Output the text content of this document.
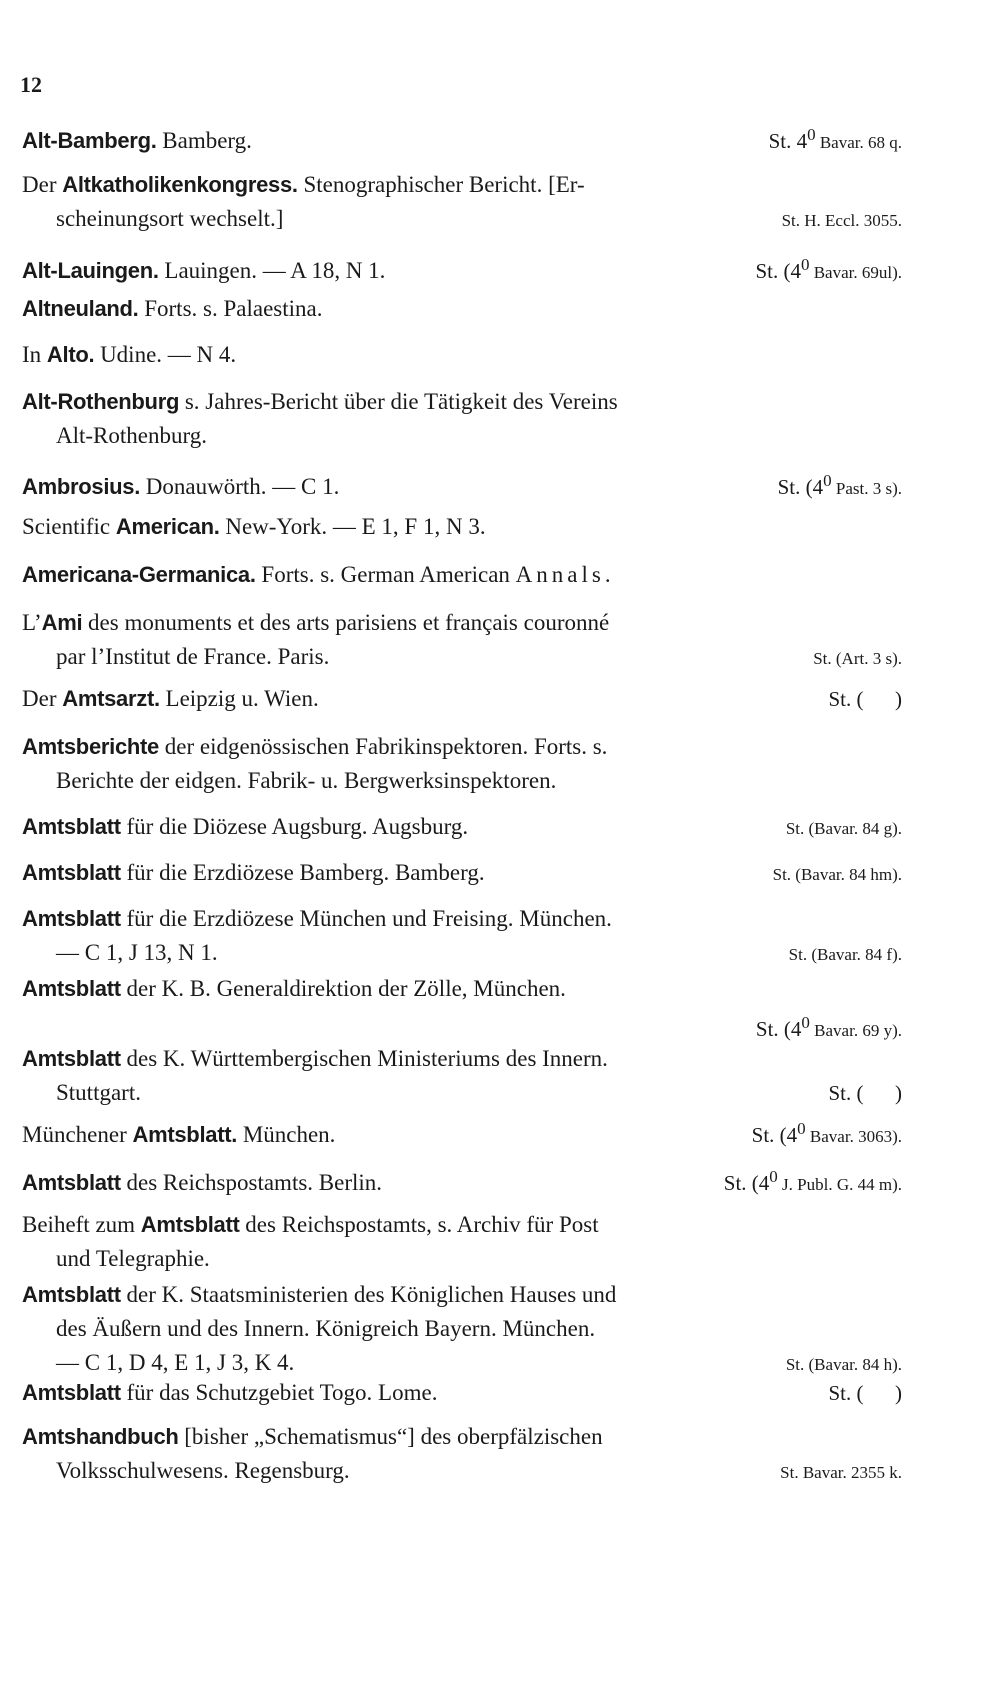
12
Alt-Bamberg. Bamberg.	St. $4^0$ Bavar. 68 q.
Der Altkatholikenkongress. Stenographischer Bericht. [Er-
scheinungsort wechselt.]	St. H. Eccl. 3055.
Alt-Lauingen. Lauingen. — A 18, N 1.	St. ($4^0$ Bavar. 69ul).
Altneuland. Forts. s. Palaestina.
In Alto. Udine. — N 4.
Alt-Rothenburg s. Jahres-Bericht über die Tätigkeit des Vereins
Alt-Rothenburg.
Ambrosius. Donauwörth. — C 1.	St. ($4^0$ Past. 3 s).
Scientific American. New-York. — E 1, F 1, N 3.
Americana-Germanica. Forts. s. German American Annals.
L’Ami des monuments et des arts parisiens et français couronné
par l’Institut de France. Paris.	St. (Art. 3 s).
Der Amtsarzt. Leipzig u. Wien.	St. (      )
Amtsberichte der eidgenössischen Fabrikinspektoren. Forts. s.
Berichte der eidgen. Fabrik- u. Bergwerksinspektoren.
Amtsblatt für die Diözese Augsburg. Augsburg.	St. (Bavar. 84 g).
Amtsblatt für die Erzdiözese Bamberg. Bamberg.	St. (Bavar. 84 hm).
Amtsblatt für die Erzdiözese München und Freising. München.
— C 1, J 13, N 1.	St. (Bavar. 84 f).
Amtsblatt der K. B. Generaldirektion der Zölle, München.
St. ($4^0$ Bavar. 69 y).
Amtsblatt des K. Württembergischen Ministeriums des Innern.
Stuttgart.	St. (      )
Münchener Amtsblatt. München.	St. ($4^0$ Bavar. 3063).
Amtsblatt des Reichspostamts. Berlin.	St. ($4^0$ J. Publ. G. 44 m).
Beiheft zum Amtsblatt des Reichspostamts, s. Archiv für Post
und Telegraphie.
Amtsblatt der K. Staatsministerien des Königlichen Hauses und
des Äußern und des Innern. Königreich Bayern. München.
— C 1, D 4, E 1, J 3, K 4.	St. (Bavar. 84 h).
Amtsblatt für das Schutzgebiet Togo. Lome.	St. (      )
Amtshandbuch [bisher „Schematismus“] des oberpfälzischen
Volksschulwesens. Regensburg.	St. Bavar. 2355 k.
